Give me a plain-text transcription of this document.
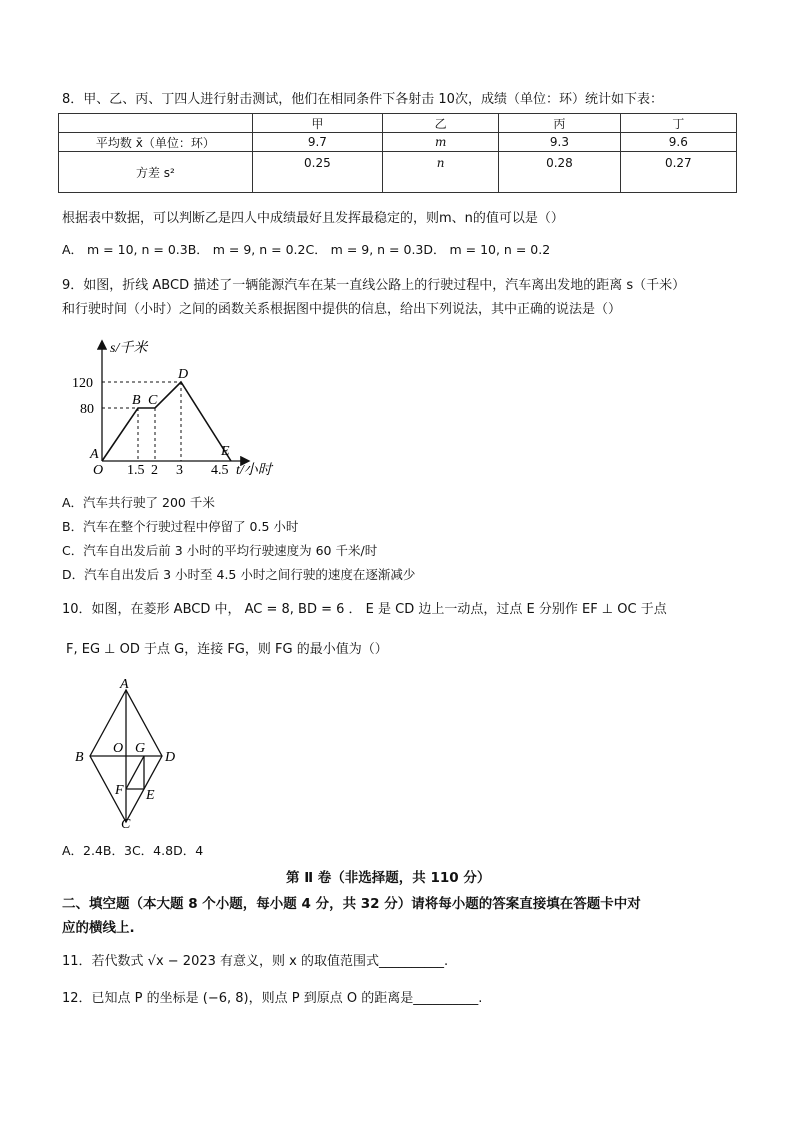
8．甲、乙、丙、丁四人进行射击测试，他们在相同条件下各射击 10次，成绩（单位：环）统计如下表：
	甲	乙	丙	丁
平均数 x̄（单位：环）	9.7	m	9.3	9.6
方差 s²	0.25	n	0.28	0.27
根据表中数据，可以判断乙是四人中成绩最好且发挥最稳定的，则m、n的值可以是（）
A． m = 10, n = 0.3B． m = 9, n = 0.2C． m = 9, n = 0.3D． m = 10, n = 0.2
9．如图，折线 ABCD 描述了一辆能源汽车在某一直线公路上的行驶过程中，汽车离出发地的距离 s（千米）
和行驶时间（小时）之间的函数关系根据图中提供的信息，给出下列说法，其中正确的说法是（）
s/千米
120
80
O
A
B C
D
E
1.5 2 3 4.5 t/小时
A．汽车共行驶了 200 千米
B．汽车在整个行驶过程中停留了 0.5 小时
C．汽车自出发后前 3 小时的平均行驶速度为 60 千米/时
D．汽车自出发后 3 小时至 4.5 小时之间行驶的速度在逐渐减少
10．如图，在菱形 ABCD 中， AC = 8, BD = 6 ． E 是 CD 边上一动点，过点 E 分别作 EF ⊥ OC 于点
F, EG ⊥ OD 于点 G，连接 FG，则 FG 的最小值为（）
A
B
O G
D
F E
C
A．2.4B．3C．4.8D．4
第 Ⅱ 卷（非选择题，共 110 分）
二、填空题（本大题 8 个小题，每小题 4 分，共 32 分）请将每小题的答案直接填在答题卡中对
应的横线上.
11．若代数式 √x − 2023 有意义，则 x 的取值范围式__________.
12．已知点 P 的坐标是 (−6, 8)，则点 P 到原点 O 的距离是__________.
